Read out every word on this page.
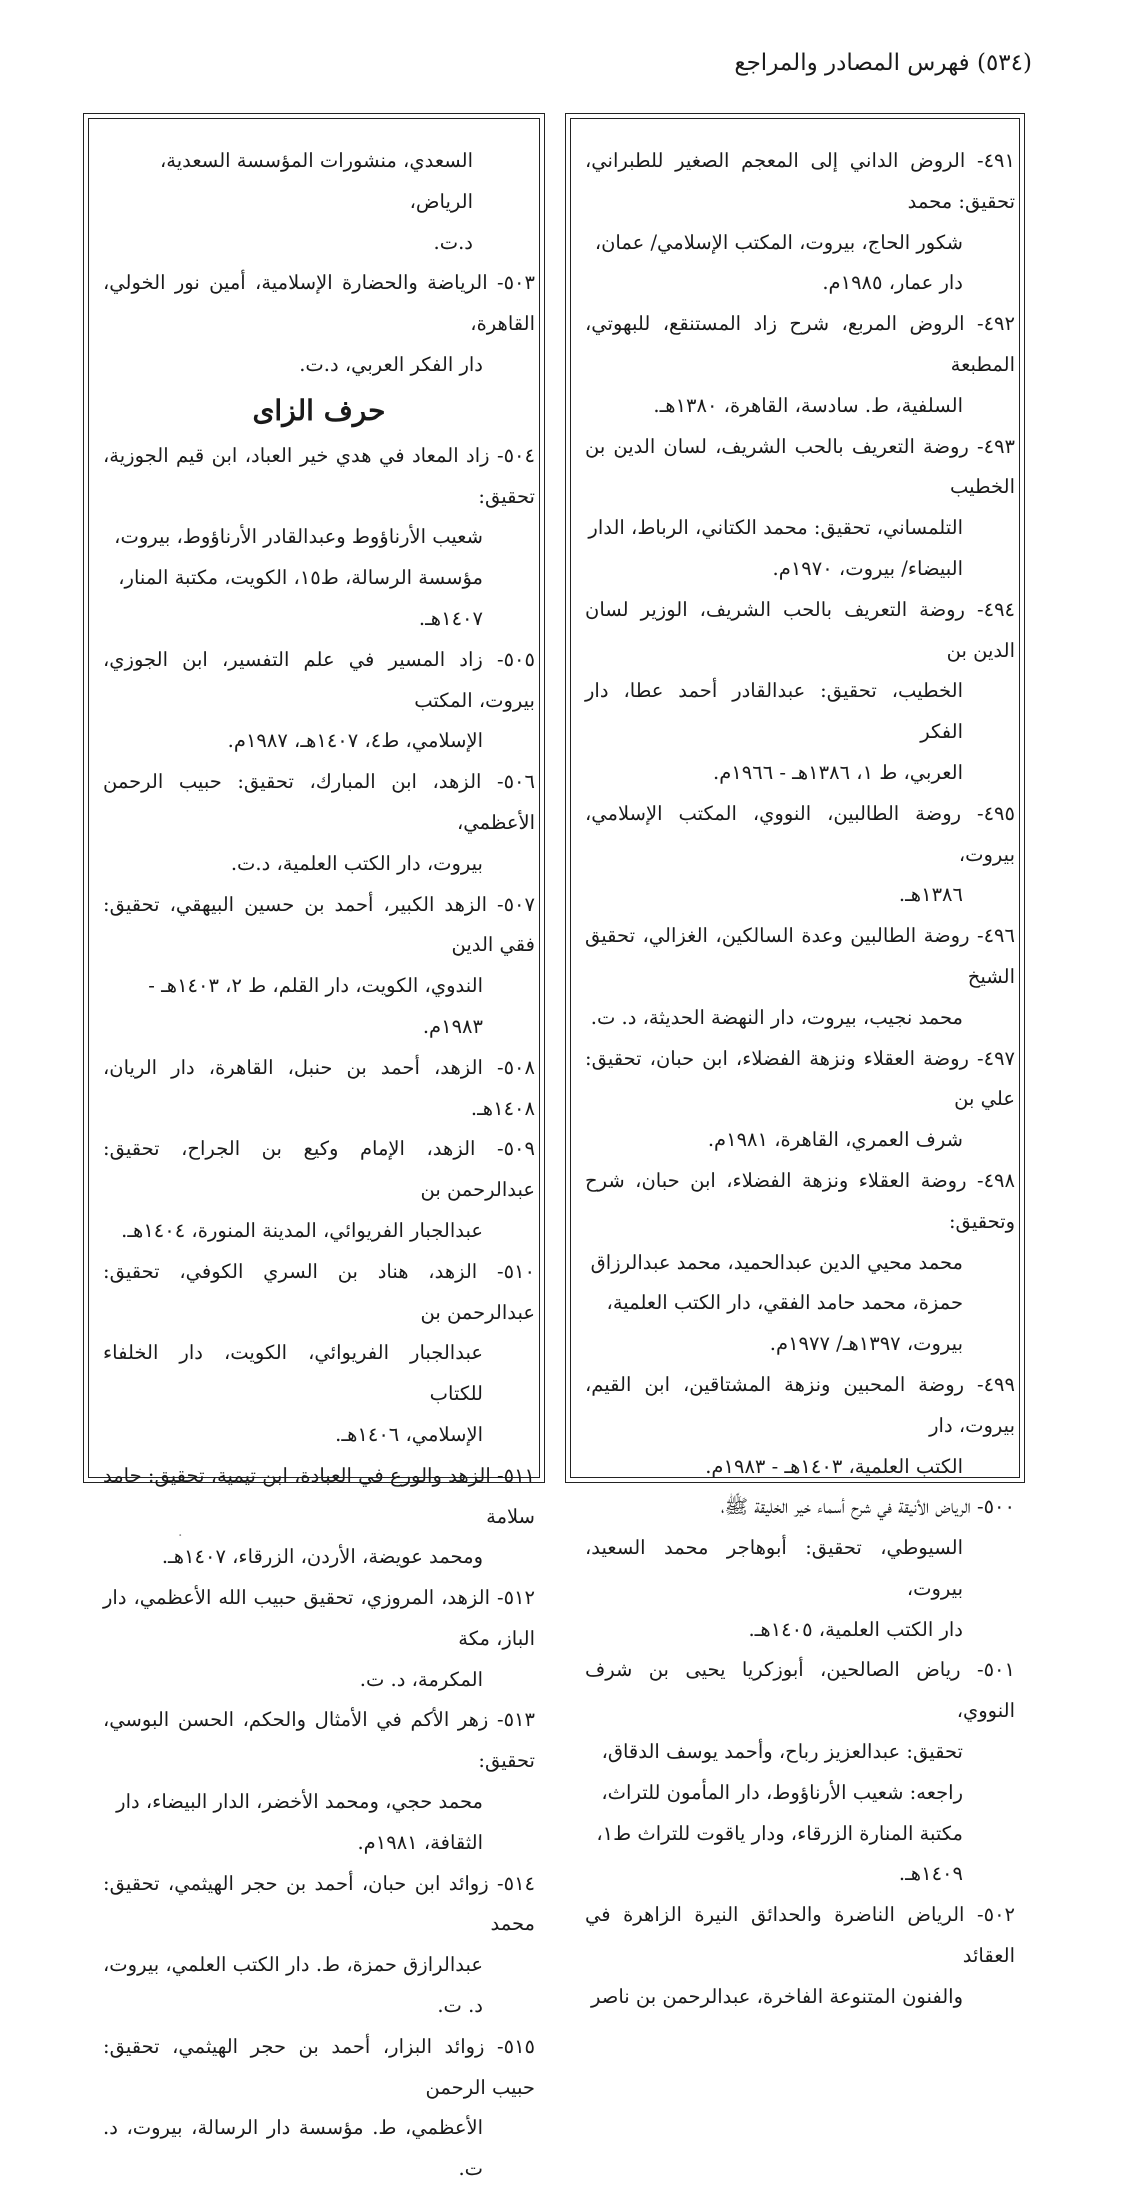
(٥٣٤) فهرس المصادر والمراجع
٤٩١- الروض الداني إلى المعجم الصغير للطبراني، تحقيق: محمد
شكور الحاج، بيروت، المكتب الإسلامي/ عمان،
دار عمار، ١٩٨٥م.
٤٩٢- الروض المربع، شرح زاد المستنقع، للبهوتي، المطبعة
السلفية، ط. سادسة، القاهرة، ١٣٨٠هـ.
٤٩٣- روضة التعريف بالحب الشريف، لسان الدين بن الخطيب
التلمساني، تحقيق: محمد الكتاني، الرباط، الدار
البيضاء/ بيروت، ١٩٧٠م.
٤٩٤- روضة التعريف بالحب الشريف، الوزير لسان الدين بن
الخطيب، تحقيق: عبدالقادر أحمد عطا، دار الفكر
العربي، ط ١، ١٣٨٦هـ - ١٩٦٦م.
٤٩٥- روضة الطالبين، النووي، المكتب الإسلامي، بيروت،
١٣٨٦هـ.
٤٩٦- روضة الطالبين وعدة السالكين، الغزالي، تحقيق الشيخ
محمد نجيب، بيروت، دار النهضة الحديثة، د. ت.
٤٩٧- روضة العقلاء ونزهة الفضلاء، ابن حبان، تحقيق: علي بن
شرف العمري، القاهرة، ١٩٨١م.
٤٩٨- روضة العقلاء ونزهة الفضلاء، ابن حبان، شرح وتحقيق:
محمد محيي الدين عبدالحميد، محمد عبدالرزاق
حمزة، محمد حامد الفقي، دار الكتب العلمية،
بيروت، ١٣٩٧هـ/ ١٩٧٧م.
٤٩٩- روضة المحبين ونزهة المشتاقين، ابن القيم، بيروت، دار
الكتب العلمية، ١٤٠٣هـ - ١٩٨٣م.
٥٠٠- الرياض الأنيقة في شرح أسماء خير الخليقة ﷺ،
السيوطي، تحقيق: أبوهاجر محمد السعيد، بيروت،
دار الكتب العلمية، ١٤٠٥هـ.
٥٠١- رياض الصالحين، أبوزكريا يحيى بن شرف النووي،
تحقيق: عبدالعزيز رباح، وأحمد يوسف الدقاق،
راجعه: شعيب الأرناؤوط، دار المأمون للتراث،
مكتبة المنارة الزرقاء، ودار ياقوت للتراث ط١،
١٤٠٩هـ.
٥٠٢- الرياض الناضرة والحدائق النيرة الزاهرة في العقائد
والفنون المتنوعة الفاخرة، عبدالرحمن بن ناصر
السعدي، منشورات المؤسسة السعدية، الرياض،
د.ت.
٥٠٣- الرياضة والحضارة الإسلامية، أمين نور الخولي، القاهرة،
دار الفكر العربي، د.ت.
حرف الزاى
٥٠٤- زاد المعاد في هدي خير العباد، ابن قيم الجوزية، تحقيق:
شعيب الأرناؤوط وعبدالقادر الأرناؤوط، بيروت،
مؤسسة الرسالة، ط١٥، الكويت، مكتبة المنار،
١٤٠٧هـ.
٥٠٥- زاد المسير في علم التفسير، ابن الجوزي، بيروت، المكتب
الإسلامي، ط٤، ١٤٠٧هـ، ١٩٨٧م.
٥٠٦- الزهد، ابن المبارك، تحقيق: حبيب الرحمن الأعظمي،
بيروت، دار الكتب العلمية، د.ت.
٥٠٧- الزهد الكبير، أحمد بن حسين البيهقي، تحقيق: فقي الدين
الندوي، الكويت، دار القلم، ط ٢، ١٤٠٣هـ -
١٩٨٣م.
٥٠٨- الزهد، أحمد بن حنبل، القاهرة، دار الريان، ١٤٠٨هـ.
٥٠٩- الزهد، الإمام وكيع بن الجراح، تحقيق: عبدالرحمن بن
عبدالجبار الفريوائي، المدينة المنورة، ١٤٠٤هـ.
٥١٠- الزهد، هناد بن السري الكوفي، تحقيق: عبدالرحمن بن
عبدالجبار الفريوائي، الكويت، دار الخلفاء للكتاب
الإسلامي، ١٤٠٦هـ.
٥١١- الزهد والورع في العبادة، ابن تيمية، تحقيق: حامد سلامة
ومحمد عويضة، الأردن، الزرقاء، ١٤٠٧هـ.
٥١٢- الزهد، المروزي، تحقيق حبيب الله الأعظمي، دار الباز، مكة
المكرمة، د. ت.
٥١٣- زهر الأكم في الأمثال والحكم، الحسن البوسي، تحقيق:
محمد حجي، ومحمد الأخضر، الدار البيضاء، دار
الثقافة، ١٩٨١م.
٥١٤- زوائد ابن حبان، أحمد بن حجر الهيثمي، تحقيق: محمد
عبدالرازق حمزة، ط. دار الكتب العلمي، بيروت، د. ت.
٥١٥- زوائد البزار، أحمد بن حجر الهيثمي، تحقيق: حبيب الرحمن
الأعظمي، ط. مؤسسة دار الرسالة، بيروت، د. ت.
.
